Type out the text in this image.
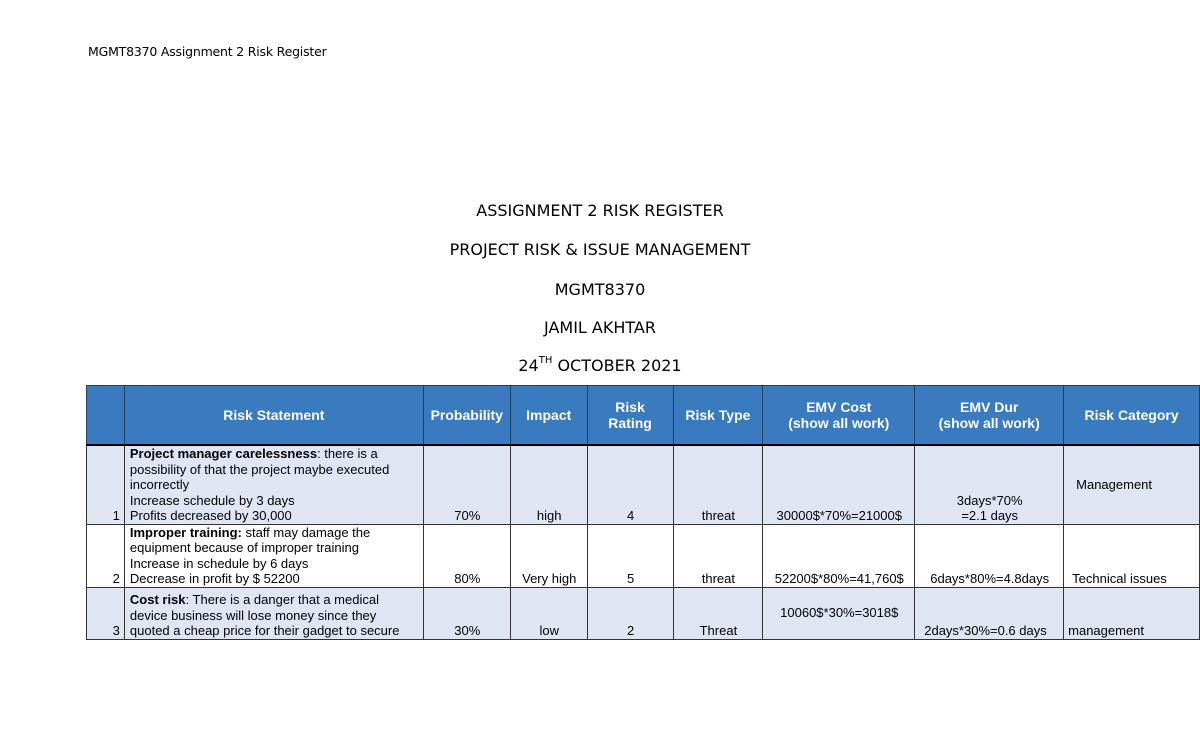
MGMT8370 Assignment 2 Risk Register
ASSIGNMENT 2 RISK REGISTER
PROJECT RISK & ISSUE MANAGEMENT
MGMT8370
JAMIL AKHTAR
24TH OCTOBER 2021
	Risk Statement	Probability	Impact	Risk
Rating	Risk Type	EMV Cost
(show all work)	EMV Dur
(show all work)	Risk Category
1	Project manager carelessness: there is a
possibility of that the project maybe executed
incorrectly
Increase schedule by 3 days
Profits decreased by 30,000	70%	high	4	threat	30000$*70%=21000$	3days*70%
=2.1 days	Management
2	Improper training: staff may damage the
equipment because of improper training
Increase in schedule by 6 days
Decrease in profit by $ 52200	80%	Very high	5	threat	52200$*80%=41,760$	6days*80%=4.8days	Technical issues
3	Cost risk: There is a danger that a medical
device business will lose money since they
quoted a cheap price for their gadget to secure	30%	low	2	Threat	10060$*30%=3018$	2days*30%=0.6 days	management
